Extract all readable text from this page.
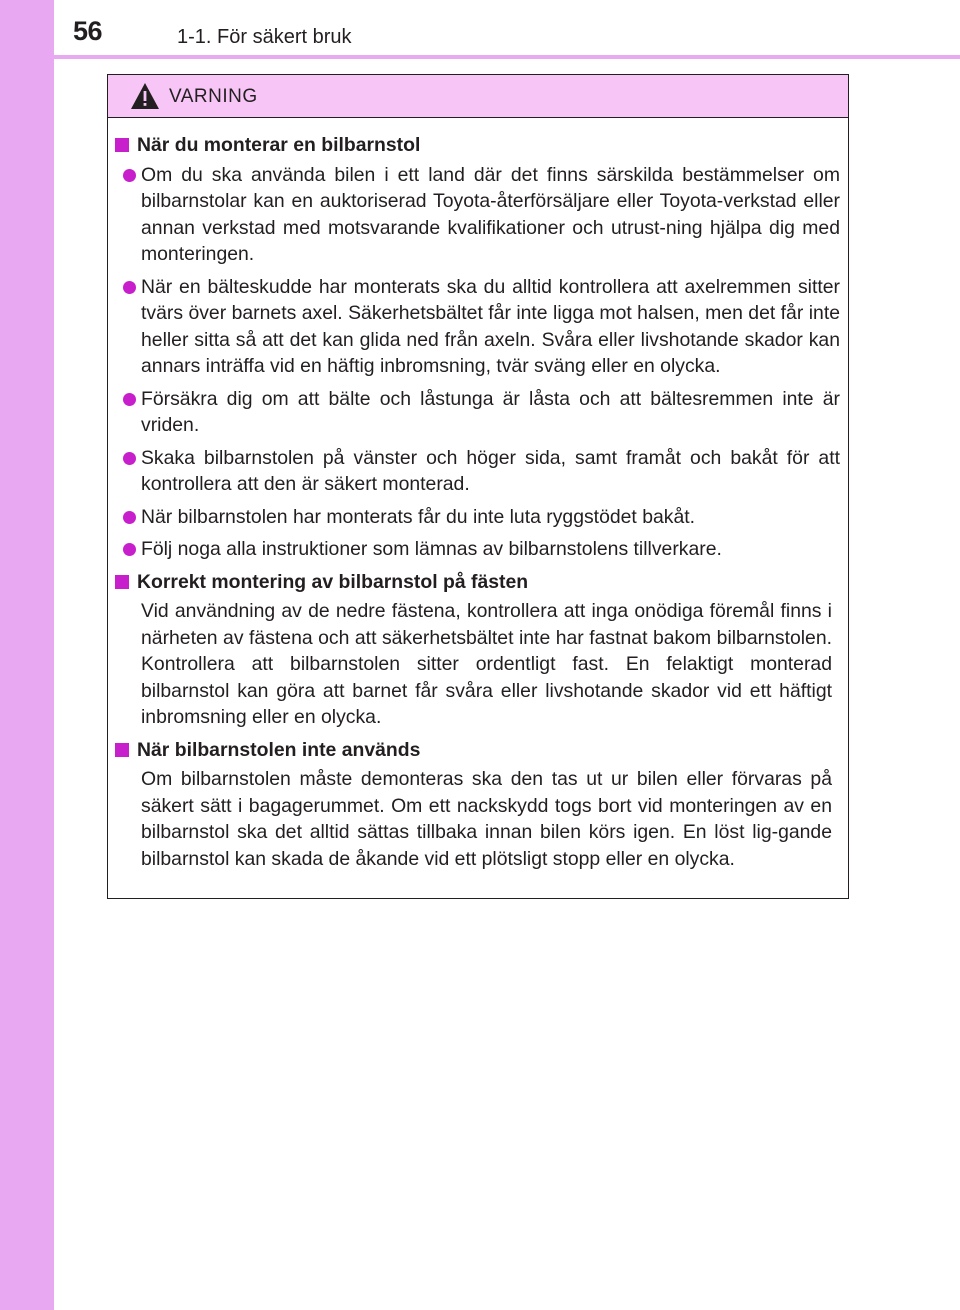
56	1-1. För säkert bruk
VARNING
När du monterar en bilbarnstol
Om du ska använda bilen i ett land där det finns särskilda bestämmelser om bilbarnstolar kan en auktoriserad Toyota-återförsäljare eller Toyota-verkstad eller annan verkstad med motsvarande kvalifikationer och utrust-ning hjälpa dig med monteringen.
När en bälteskudde har monterats ska du alltid kontrollera att axelremmen sitter tvärs över barnets axel. Säkerhetsbältet får inte ligga mot halsen, men det får inte heller sitta så att det kan glida ned från axeln. Svåra eller livshotande skador kan annars inträffa vid en häftig inbromsning, tvär sväng eller en olycka.
Försäkra dig om att bälte och låstunga är låsta och att bältesremmen inte är vriden.
Skaka bilbarnstolen på vänster och höger sida, samt framåt och bakåt för att kontrollera att den är säkert monterad.
När bilbarnstolen har monterats får du inte luta ryggstödet bakåt.
Följ noga alla instruktioner som lämnas av bilbarnstolens tillverkare.
Korrekt montering av bilbarnstol på fästen
Vid användning av de nedre fästena, kontrollera att inga onödiga föremål finns i närheten av fästena och att säkerhetsbältet inte har fastnat bakom bilbarnstolen. Kontrollera att bilbarnstolen sitter ordentligt fast. En felaktigt monterad bilbarnstol kan göra att barnet får svåra eller livshotande skador vid ett häftigt inbromsning eller en olycka.
När bilbarnstolen inte används
Om bilbarnstolen måste demonteras ska den tas ut ur bilen eller förvaras på säkert sätt i bagagerummet. Om ett nackskydd togs bort vid monteringen av en bilbarnstol ska det alltid sättas tillbaka innan bilen körs igen. En löst lig-gande bilbarnstol kan skada de åkande vid ett plötsligt stopp eller en olycka.
